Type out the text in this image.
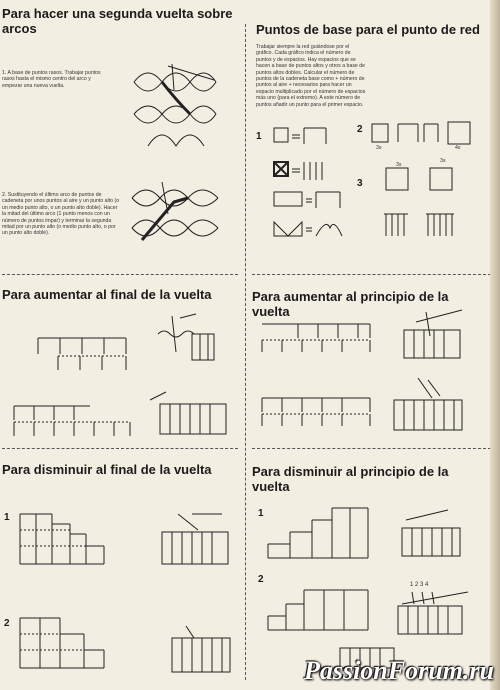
Para hacer una segunda vuelta sobre arcos

1. A base de puntos rasos. Trabajar puntos rasos hasta el mismo centro del arco y empezar una nueva vuelta.

2. Sustituyendo el último arco de puntos de cadeneta por unos puntos al aire y un punto alto (o un medio punto alto, o un punto alto doble). Hacer la mitad del último arco (1 punto menos con un número de puntos impar) y terminar la segunda mitad por un punto alto (o medio punto alto, o por un punto alto doble).

Puntos de base para el punto de red

Trabajar siempre la red guiándose por el gráfico. Cada gráfico indica el número de puntos y de espacios. Hay espacios que se hacen a base de puntos altos y otros a base de puntos altos dobles. Calcular el número de puntos de la cadeneta base como + número de puntos al aire + necesarios para hacer un espacio multiplicado por el número de espacios más uno (para el extremo). A este número de puntos añadir un punto para el primer espacio.

1
2
3s	4s
3
3s
3s
Para aumentar al final de la vuelta	Para aumentar al principio de la vuelta
Para disminuir al final de la vuelta
1
2
Para disminuir al principio de la vuelta
1
2	1 2 3 4

PassionForum.ru
